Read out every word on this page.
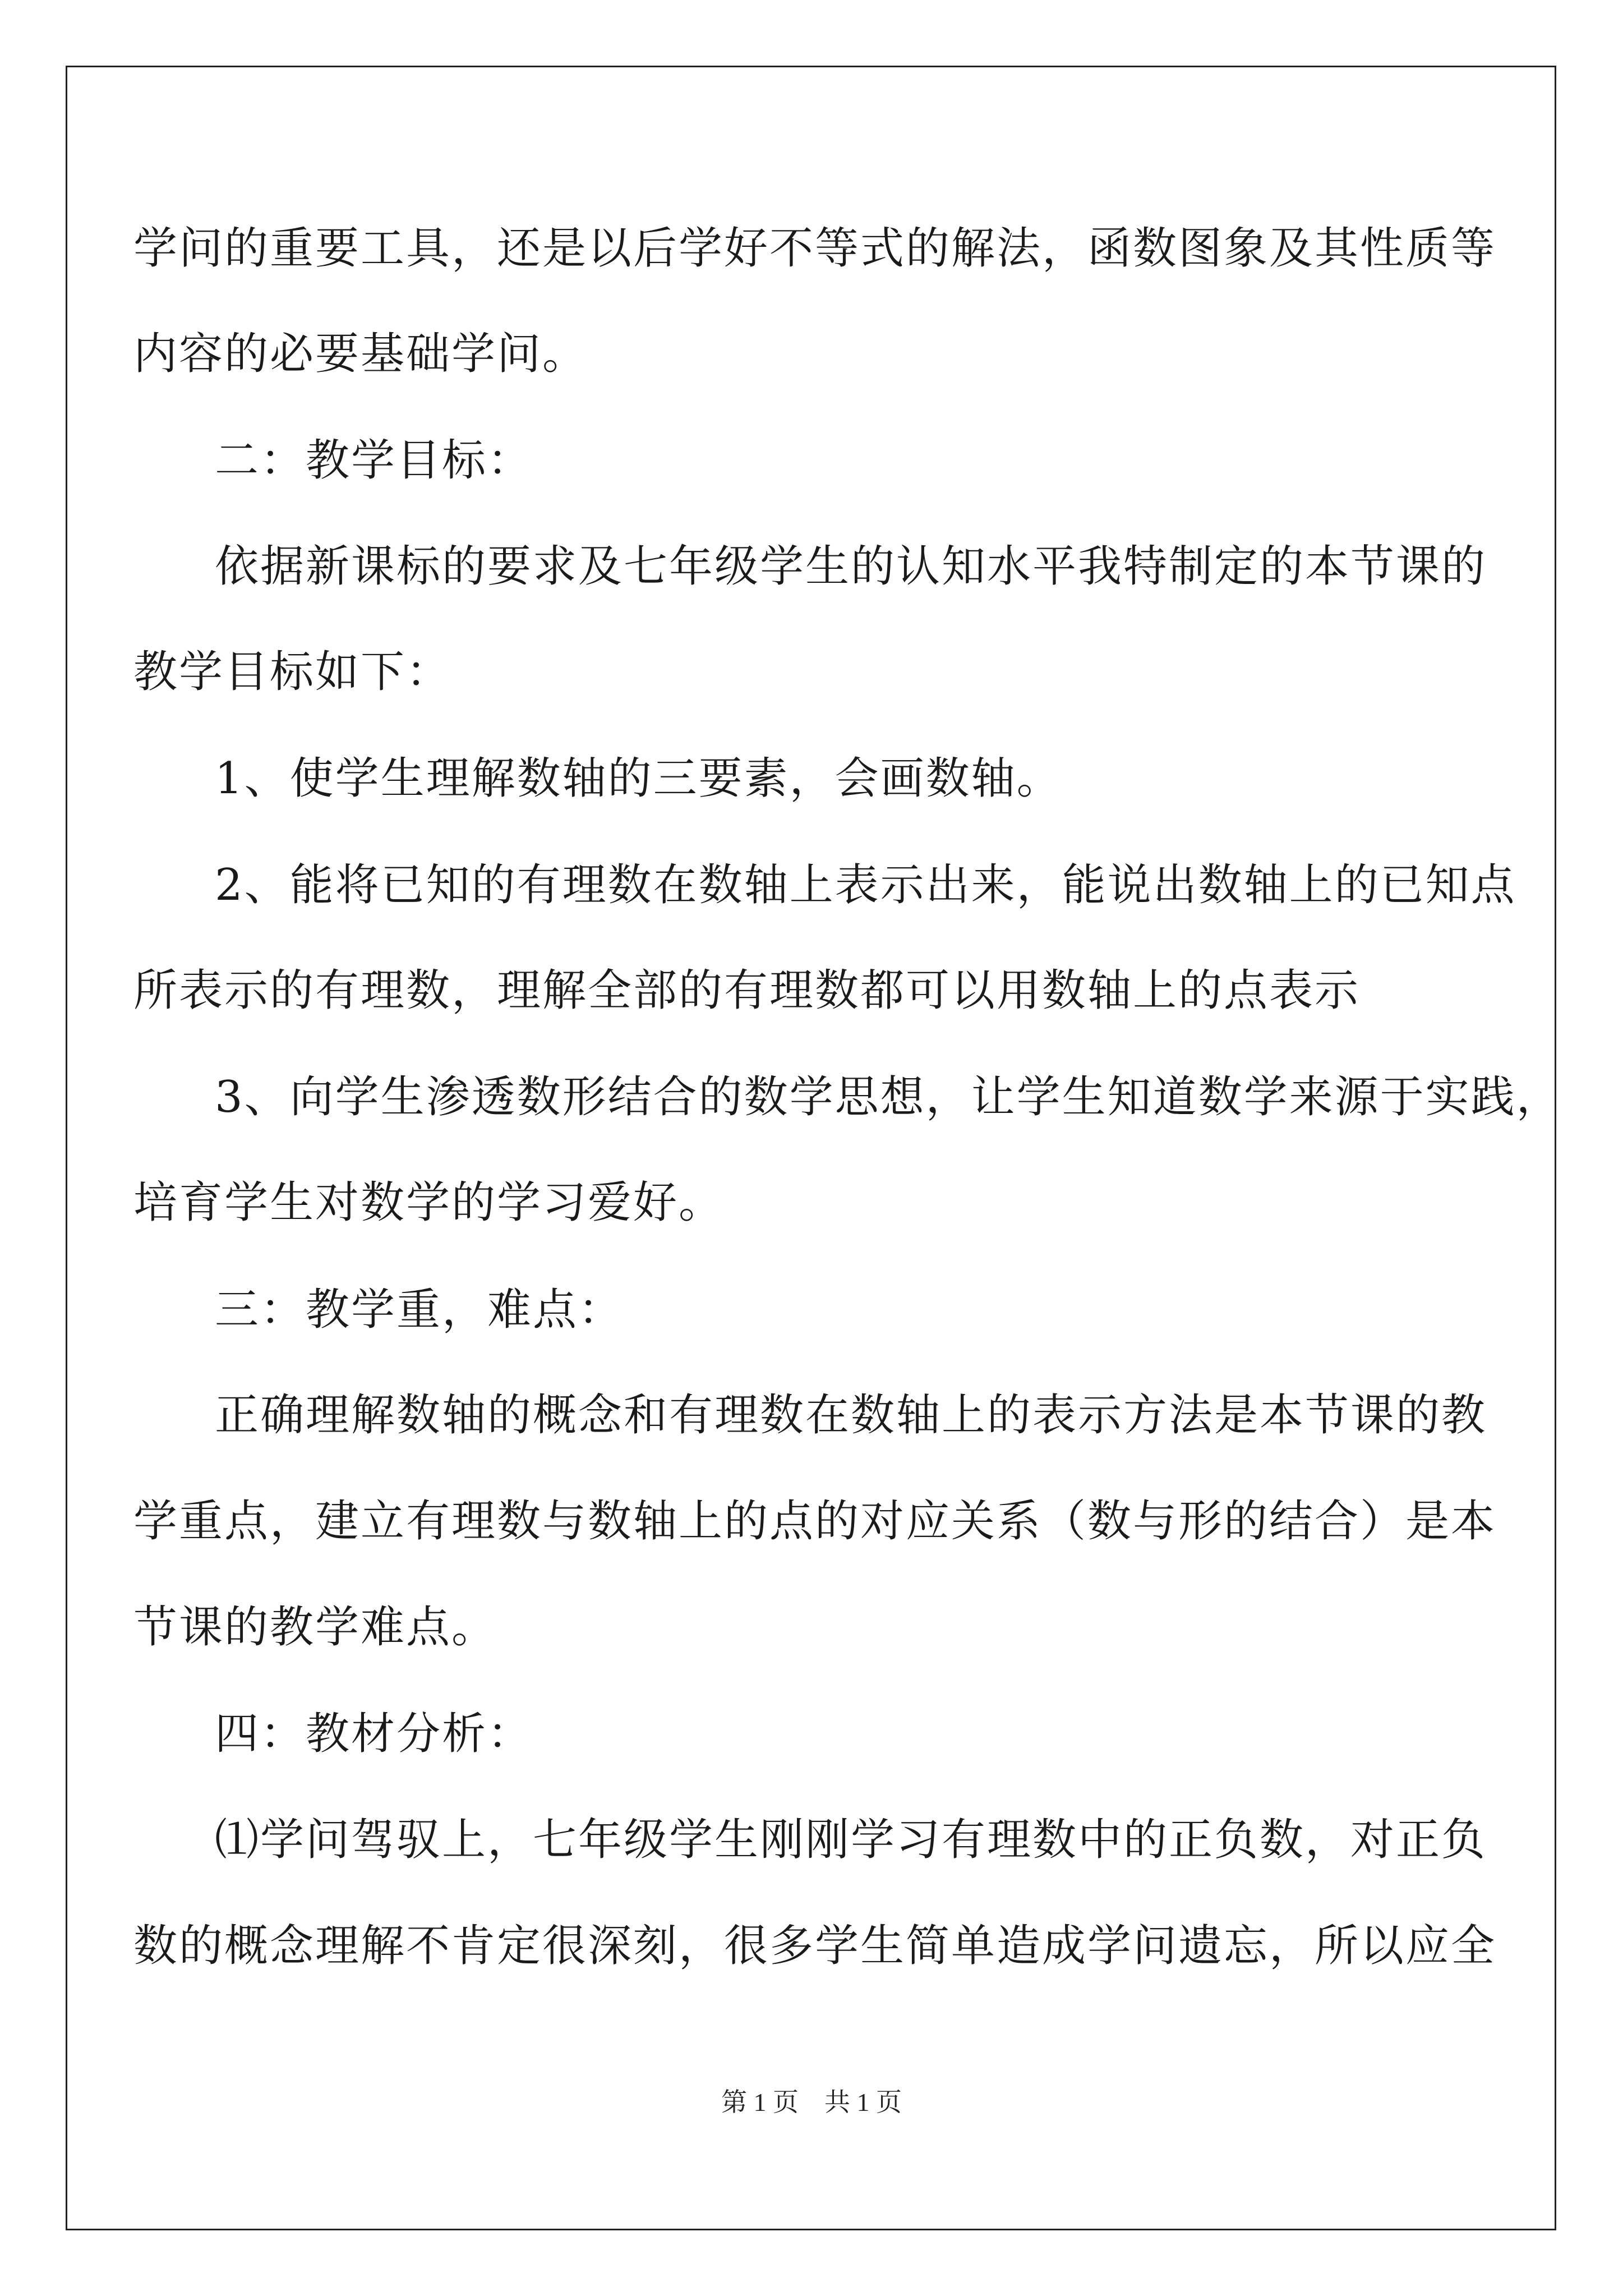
学问的重要工具，还是以后学好不等式的解法，函数图象及其性质等
内容的必要基础学问。
二：教学目标：
依据新课标的要求及七年级学生的认知水平我特制定的本节课的
教学目标如下：
1、使学生理解数轴的三要素，会画数轴。
2、能将已知的有理数在数轴上表示出来，能说出数轴上的已知点
所表示的有理数，理解全部的有理数都可以用数轴上的点表示
3、向学生渗透数形结合的数学思想，让学生知道数学来源于实践，
培育学生对数学的学习爱好。
三：教学重，难点：
正确理解数轴的概念和有理数在数轴上的表示方法是本节课的教
学重点，建立有理数与数轴上的点的对应关系（数与形的结合）是本
节课的教学难点。
四：教材分析：
⑴学问驾驭上，七年级学生刚刚学习有理数中的正负数，对正负
数的概念理解不肯定很深刻，很多学生简单造成学问遗忘，所以应全
第 1 页　共 1 页
